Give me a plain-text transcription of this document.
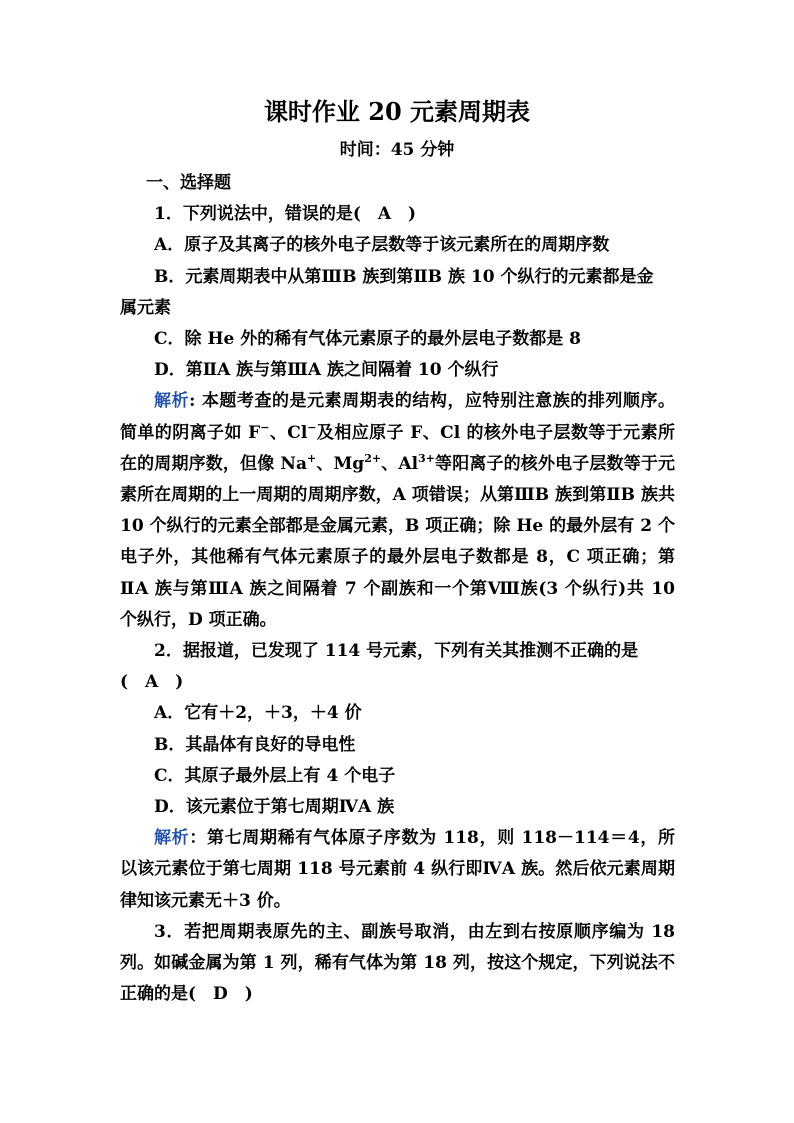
课时作业 20 元素周期表
时间：45 分钟

一、选择题

1．下列说法中，错误的是(　A　)

A．原子及其离子的核外电子层数等于该元素所在的周期序数

B．元素周期表中从第ⅢB 族到第ⅡB 族 10 个纵行的元素都是金

属元素

C．除 He 外的稀有气体元素原子的最外层电子数都是 8

D．第ⅡA 族与第ⅢA 族之间隔着 10 个纵行

解析: 本题考查的是元素周期表的结构，应特别注意族的排列顺序。简单的阴离子如 F−、Cl−及相应原子 F、Cl 的核外电子层数等于元素所在的周期序数，但像 Na+、$Mg^{2+}$、$Al^{3+}$等阳离子的核外电子层数等于元素所在周期的上一周期的周期序数，A 项错误；从第ⅢB 族到第ⅡB 族共 10 个纵行的元素全部都是金属元素，B 项正确；除 He 的最外层有 2 个电子外，其他稀有气体元素原子的最外层电子数都是 8，C 项正确；第ⅡA 族与第ⅢA 族之间隔着 7 个副族和一个第Ⅷ族(3 个纵行)共 10 个纵行，D 项正确。

2．据报道，已发现了 114 号元素，下列有关其推测不正确的是

(　A　)

A．它有＋2，＋3，＋4 价

B．其晶体有良好的导电性

C．其原子最外层上有 4 个电子

D．该元素位于第七周期ⅣA 族

解析：第七周期稀有气体原子序数为 118，则 118－114＝4，所以该元素位于第七周期 118 号元素前 4 纵行即ⅣA 族。然后依元素周期律知该元素无＋3 价。

3．若把周期表原先的主、副族号取消，由左到右按原顺序编为 18 列。如碱金属为第 1 列，稀有气体为第 18 列，按这个规定，下列说法不正确的是(　D　)
